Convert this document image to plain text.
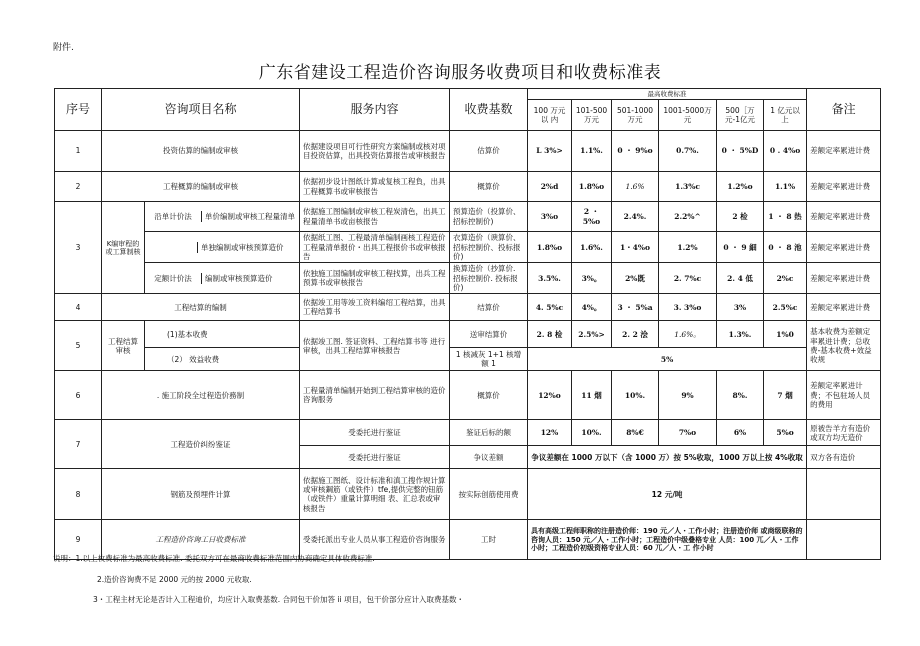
附件.
广东省建设工程造价咨询服务收费项目和收费标准表
序号	咨询项目名称		服务内容	收费基数	最高收费标准						备注
					100 万元以 内	101-500万元	501-1000 万元	1001-5000万元	500［万元-1亿元	1 亿元以上	
1	投资估算的编制或审核		依据建设项目可行性研究方案编制或核对项目投资估算，出具投资估算报告或审核报告	估算价	L 3%>	1.1%.	0 ・ 9%o	0.7%.	0 ・ 5%D	0 . 4%o	差额定率累进计费
2	工程概算的编制或审核		依据初步设计图纸计算或复核工程負，出具工程概算书或审核报告	概算价	2%d	1.8%o	1.6%	1.3%c	1.2%o	1.1%	差额定率累进计费
3	K编审程的或工算制核	沿单计价法 单价编制或审核工程量清单	依据施工图编制或审核工程炭清色，出具工程量清单书或亩核报告	预算造价（投算价、招标控制价)	3%o	2 ・ 5%o	2.4%.	2.2%^	2 检	1 ・ 8 热	差额定率累进计费

单独编制或审核预算造价	依据纸工图、工程最清单编制画核工程造价工程量清单报价・出具工程报价书或审核报告	衣算造价（谀算价、招标控制价、投标报价)	1.8%o	1.6%.	1・4%o	1.2%	0 ・ 9 細	0 ・ 8 池	差额定率累进计费

定额计价法 编制或审核预算造价	依独施工国编制或审核工程找算，出兵工程预算书或审核报告	换算造价（抄算价. 招标控制价. 投标报价)	3.5%.	3%。	2%既	2. 7%c	2. 4 低	2%c	差额定率累进计费
4	工程结算的编制		依据竣工用等竣工资料编绍工程结算，出具工程结算书	结算价	4. 5%c	4%。	3 ・ 5%a	3. 3%o	3%	2.5%c	差额定率累进计费
5	工程结算审核	(1)基本收费	依据竣工图. 签证资料、工程结算书等 进行审核，出具工程结算审核报告	送审结算价	2. 8 检	2.5%>	2. 2 浍	1.6%。	1.3%.	1%0	基本收费为差额定率累进计费；总收费-基本收费+效益收规
		（2） 效益收费		1 核减灰 1+1 核增额 1	5%						
6	. 施工阶段全过程造价務制		工程量清单编制开始到工程结算审核的造价咨询服务	概算价	12%o	11 烟	10%.	9%	8%.	7 烟	差额定率累进计费；不包驻场人员的费用
7	工程造价纠纷鉴证		受委托进行鉴证	鉴证后标的额	12%	10%.	8%€	7%o	6%	5%o	原被告羊方有造价或双方均无造价
			受委托进行鉴证	争议差额	争议差额在 1000 万以下（含 1000 万）按 5%收取，1000 万以上按 4%收取						双方各有造价
8	钢筋及预埋件计算		依据施工图纸、设计标准和滇工搜作规计算或审核鋼筋（或铁件）tfe,提供完整的钮筋（或铁件）重量计算明细 表、汇总表或审核报告	按实际创筋使用费	12 元/吨						
9	工程造价咨询工日收费标准		受委托派出专业人员从事工程造价咨询服务	工时	具有高级工程师职称的注册造价师：190 元／人・工作小时；注册造价师 或商级联称的咨询人员：150 元／人・工作小时；工程造价中级叠格专业 人员：100 兀／人・工作小时；工程造价初级资格专业人员：60 兀／人・工 作小时						
说明：1.以上枚费标准为最高收费标准. 委托双方可在最商收费标准范围内协商确定具体收费标准.
2.造价咨询费不足 2000 元的按 2000 元收取.
3・工程主材无论是否计入工程迪价，均应计入取费基数. 合同包干价加答 ii 项目，包干价部分应计入取费基数・
